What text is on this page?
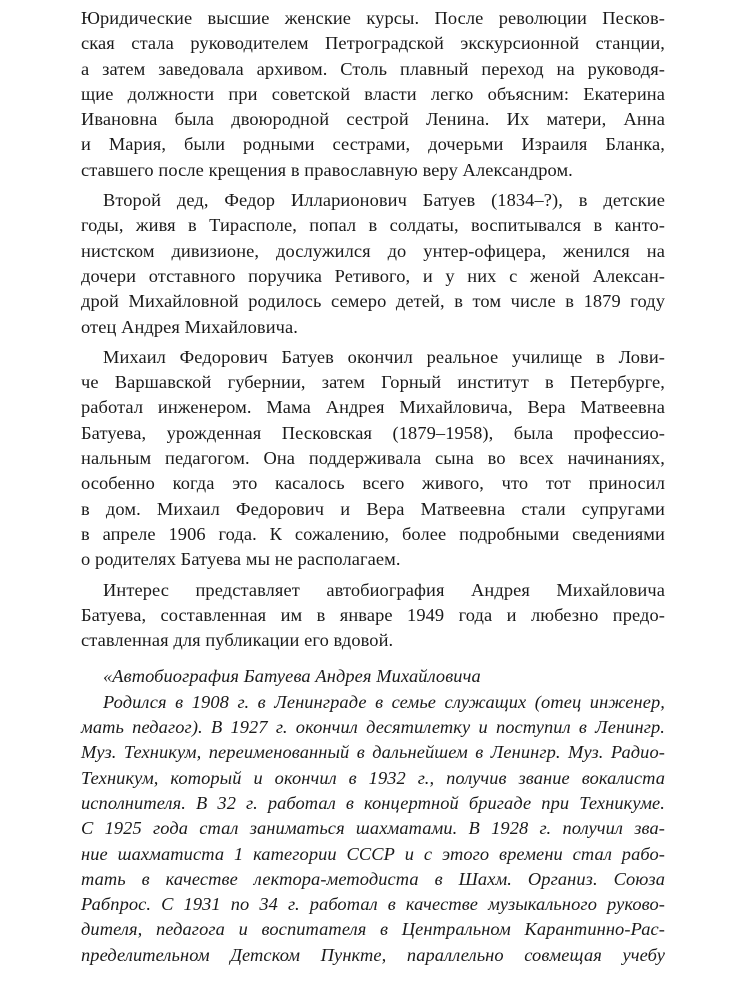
Юридические высшие женские курсы. После революции Песков-
ская стала руководителем Петроградской экскурсионной станции,
а затем заведовала архивом. Столь плавный переход на руководя-
щие должности при советской власти легко объясним: Екатерина
Ивановна была двоюродной сестрой Ленина. Их матери, Анна
и Мария, были родными сестрами, дочерьми Израиля Бланка,
ставшего после крещения в православную веру Александром.
Второй дед, Федор Илларионович Батуев (1834–?), в детские
годы, живя в Тирасполе, попал в солдаты, воспитывался в канто-
нистском дивизионе, дослужился до унтер-офицера, женился на
дочери отставного поручика Ретивого, и у них с женой Алексан-
дрой Михайловной родилось семеро детей, в том числе в 1879 году
отец Андрея Михайловича.
Михаил Федорович Батуев окончил реальное училище в Лови-
че Варшавской губернии, затем Горный институт в Петербурге,
работал инженером. Мама Андрея Михайловича, Вера Матвеевна
Батуева, урожденная Песковская (1879–1958), была профессио-
нальным педагогом. Она поддерживала сына во всех начинаниях,
особенно когда это касалось всего живого, что тот приносил
в дом. Михаил Федорович и Вера Матвеевна стали супругами
в апреле 1906 года. К сожалению, более подробными сведениями
о родителях Батуева мы не располагаем.
Интерес представляет автобиография Андрея Михайловича
Батуева, составленная им в январе 1949 года и любезно предо-
ставленная для публикации его вдовой.
«Автобиография Батуева Андрея Михайловича
Родился в 1908 г. в Ленинграде в семье служащих (отец инженер,
мать педагог). В 1927 г. окончил десятилетку и поступил в Ленингр.
Муз. Техникум, переименованный в дальнейшем в Ленингр. Муз. Радио-
Техникум, который и окончил в 1932 г., получив звание вокалиста
исполнителя. В 32 г. работал в концертной бригаде при Техникуме.
С 1925 года стал заниматься шахматами. В 1928 г. получил зва-
ние шахматиста 1 категории СССР и с этого времени стал рабо-
тать в качестве лектора-методиста в Шахм. Организ. Союза
Рабпрос. С 1931 по 34 г. работал в качестве музыкального руково-
дителя, педагога и воспитателя в Центральном Карантинно-Рас-
пределительном Детском Пункте, параллельно совмещая учебу
